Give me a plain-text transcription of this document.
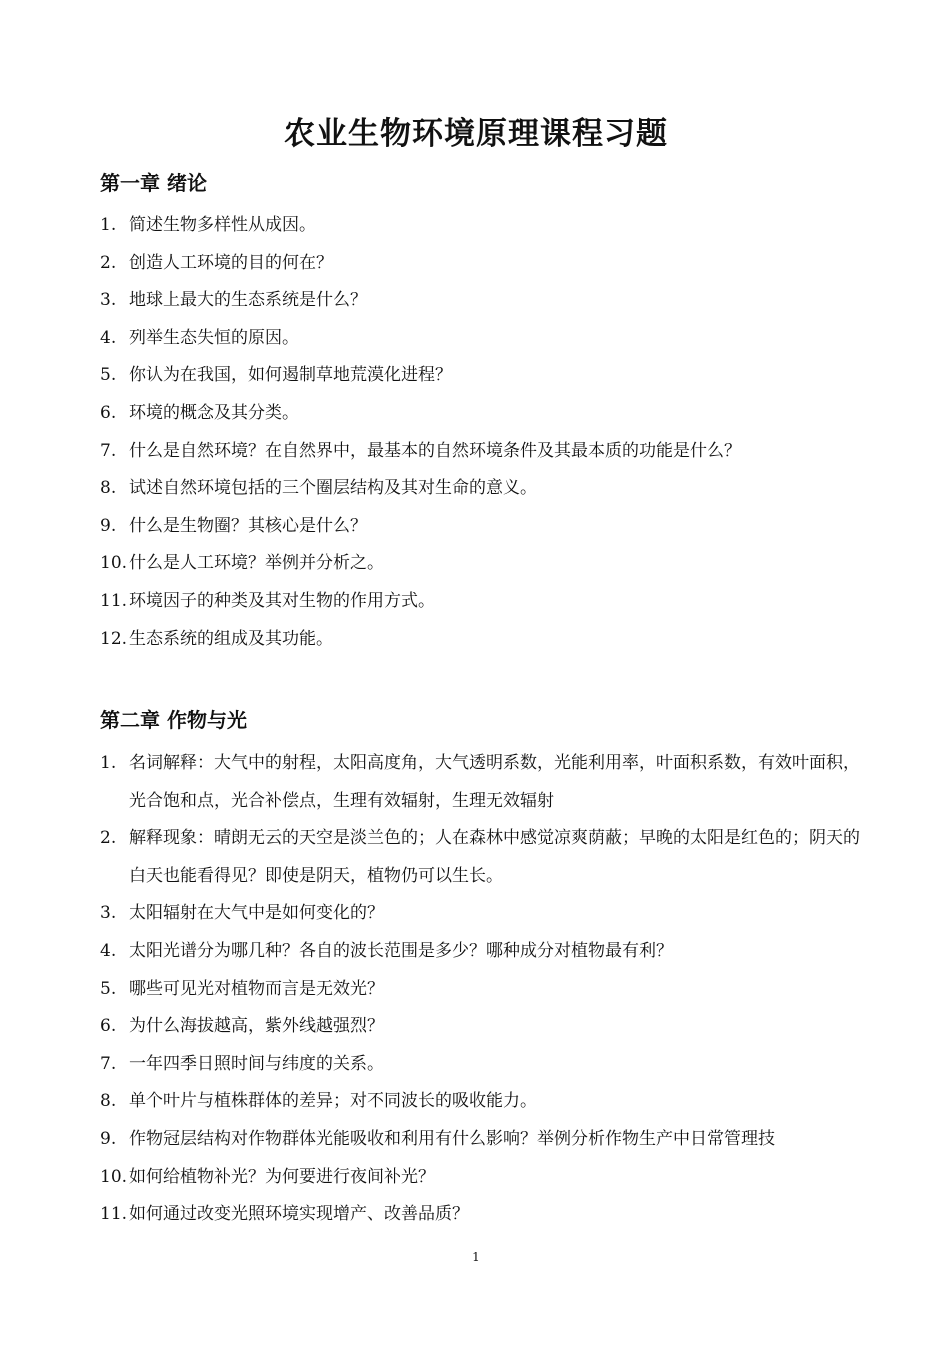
农业生物环境原理课程习题
第一章 绪论
1. 简述生物多样性从成因。
2. 创造人工环境的目的何在？
3. 地球上最大的生态系统是什么？
4. 列举生态失恒的原因。
5. 你认为在我国，如何遏制草地荒漠化进程？
6. 环境的概念及其分类。
7. 什么是自然环境？在自然界中，最基本的自然环境条件及其最本质的功能是什么？
8. 试述自然环境包括的三个圈层结构及其对生命的意义。
9. 什么是生物圈？其核心是什么？
10. 什么是人工环境？举例并分析之。
11. 环境因子的种类及其对生物的作用方式。
12. 生态系统的组成及其功能。
第二章 作物与光
1. 名词解释：大气中的射程，太阳高度角，大气透明系数，光能利用率，叶面积系数，有效叶面积，光合饱和点，光合补偿点，生理有效辐射，生理无效辐射
2. 解释现象：晴朗无云的天空是淡兰色的；人在森林中感觉凉爽荫蔽；早晚的太阳是红色的；阴天的白天也能看得见？即使是阴天，植物仍可以生长。
3. 太阳辐射在大气中是如何变化的？
4. 太阳光谱分为哪几种？各自的波长范围是多少？哪种成分对植物最有利？
5. 哪些可见光对植物而言是无效光？
6. 为什么海拔越高，紫外线越强烈？
7. 一年四季日照时间与纬度的关系。
8. 单个叶片与植株群体的差异；对不同波长的吸收能力。
9. 作物冠层结构对作物群体光能吸收和利用有什么影响？举例分析作物生产中日常管理技
10. 如何给植物补光？为何要进行夜间补光？
11. 如何通过改变光照环境实现增产、改善品质？
1
